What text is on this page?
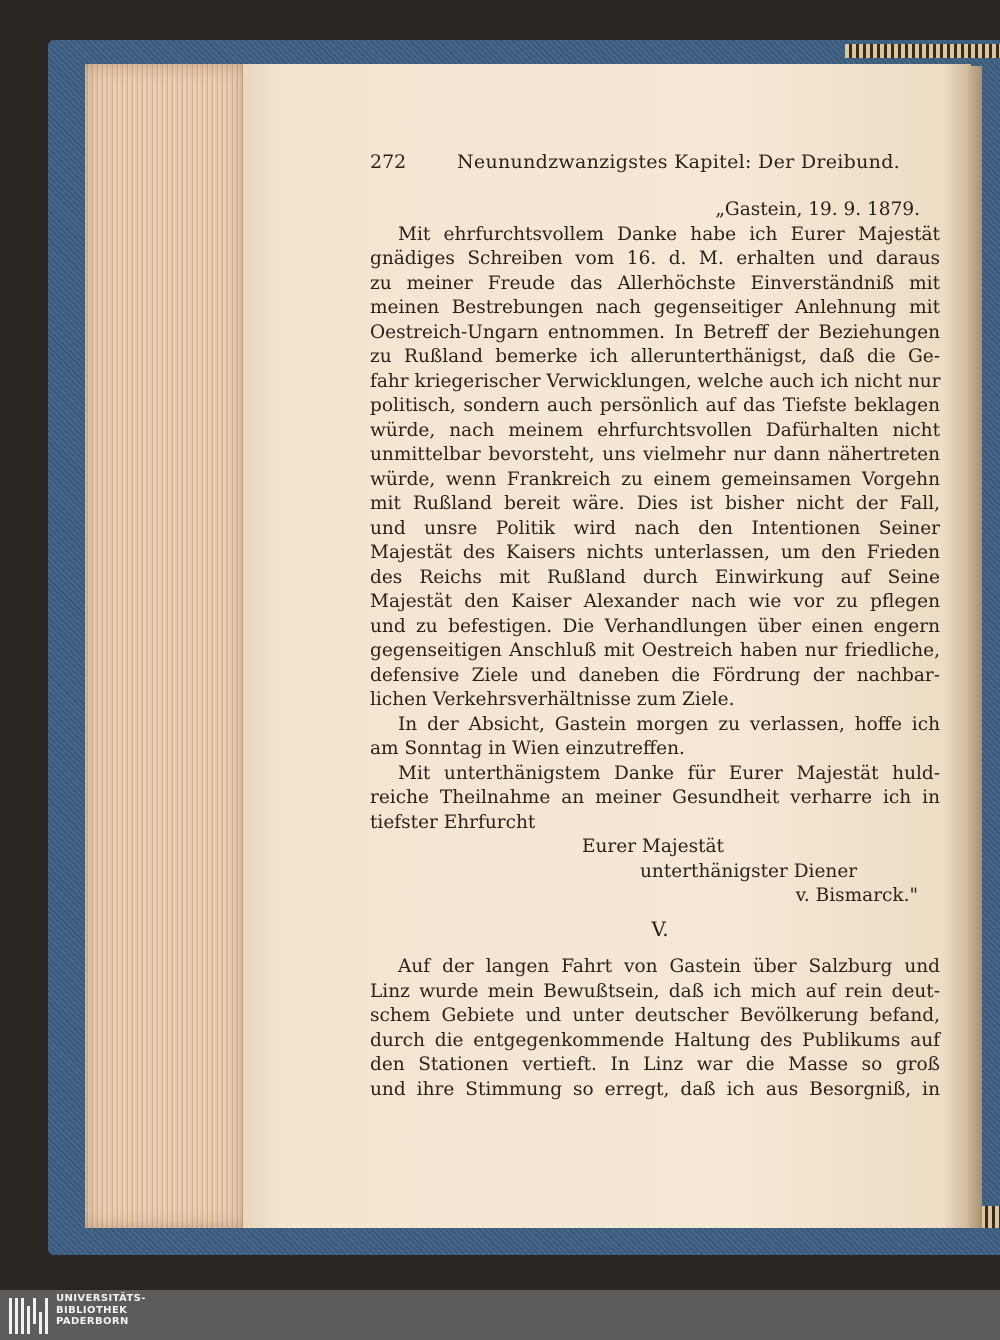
272	Neunundzwanzigstes Kapitel: Der Dreibund.
„Gastein, 19. 9. 1879.
Mit ehrfurchtsvollem Danke habe ich Eurer Majestät
gnädiges Schreiben vom 16. d. M. erhalten und daraus
zu meiner Freude das Allerhöchste Einverständniß mit
meinen Bestrebungen nach gegenseitiger Anlehnung mit
Oestreich-Ungarn entnommen. In Betreff der Beziehungen
zu Rußland bemerke ich allerunterthänigst, daß die Ge-
fahr kriegerischer Verwicklungen, welche auch ich nicht nur
politisch, sondern auch persönlich auf das Tiefste beklagen
würde, nach meinem ehrfurchtsvollen Dafürhalten nicht
unmittelbar bevorsteht, uns vielmehr nur dann nähertreten
würde, wenn Frankreich zu einem gemeinsamen Vorgehn
mit Rußland bereit wäre. Dies ist bisher nicht der Fall,
und unsre Politik wird nach den Intentionen Seiner
Majestät des Kaisers nichts unterlassen, um den Frieden
des Reichs mit Rußland durch Einwirkung auf Seine
Majestät den Kaiser Alexander nach wie vor zu pflegen
und zu befestigen. Die Verhandlungen über einen engern
gegenseitigen Anschluß mit Oestreich haben nur friedliche,
defensive Ziele und daneben die Fördrung der nachbar-
lichen Verkehrsverhältnisse zum Ziele.
In der Absicht, Gastein morgen zu verlassen, hoffe ich
am Sonntag in Wien einzutreffen.
Mit unterthänigstem Danke für Eurer Majestät huld-
reiche Theilnahme an meiner Gesundheit verharre ich in
tiefster Ehrfurcht
Eurer Majestät
unterthänigster Diener
v. Bismarck."
V.
Auf der langen Fahrt von Gastein über Salzburg und
Linz wurde mein Bewußtsein, daß ich mich auf rein deut-
schem Gebiete und unter deutscher Bevölkerung befand,
durch die entgegenkommende Haltung des Publikums auf
den Stationen vertieft. In Linz war die Masse so groß
und ihre Stimmung so erregt, daß ich aus Besorgniß, in
UNIVERSITÄTS-
BIBLIOTHEK
PADERBORN
